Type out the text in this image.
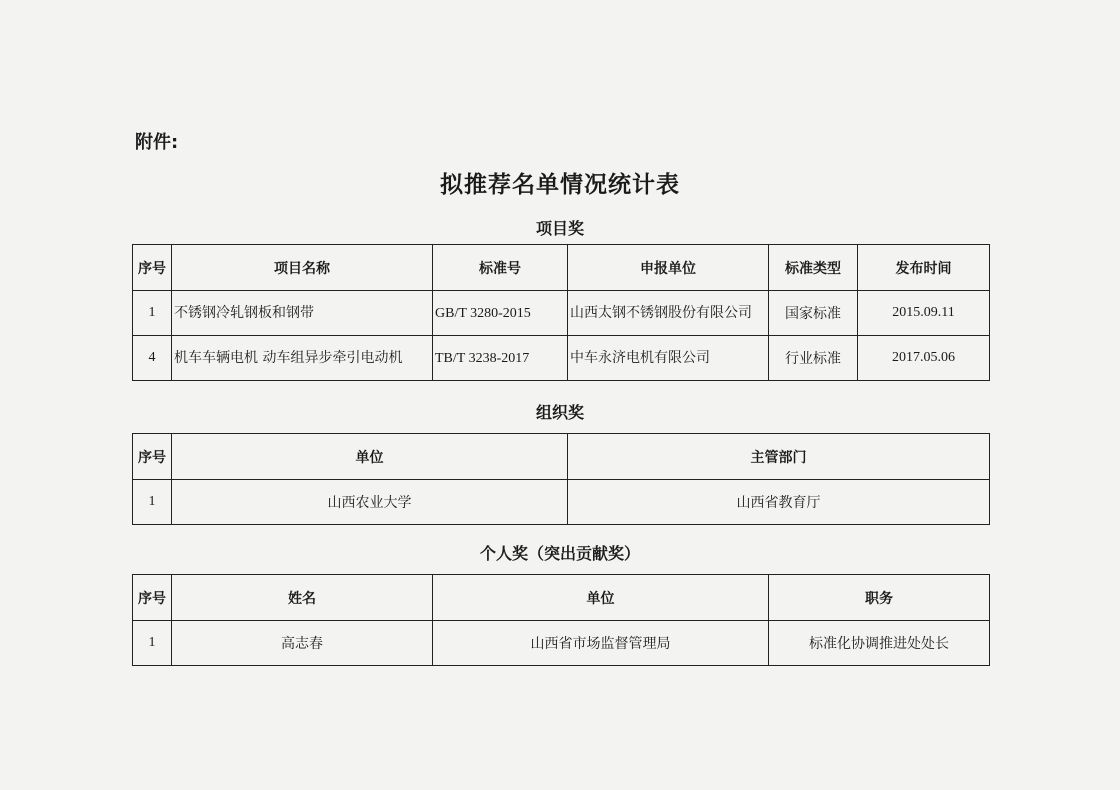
附件:
拟推荐名单情况统计表
项目奖
序号	项目名称	标准号	申报单位	标准类型	发布时间
1	不锈钢冷轧钢板和钢带	GB/T 3280-2015	山西太钢不锈钢股份有限公司	国家标准	2015.09.11
4	机车车辆电机 动车组异步牵引电动机	TB/T 3238-2017	中车永济电机有限公司	行业标准	2017.05.06
组织奖
序号	单位	主管部门
1	山西农业大学	山西省教育厅
个人奖（突出贡献奖）
序号	姓名	单位	职务
1	高志春	山西省市场监督管理局	标准化协调推进处处长
